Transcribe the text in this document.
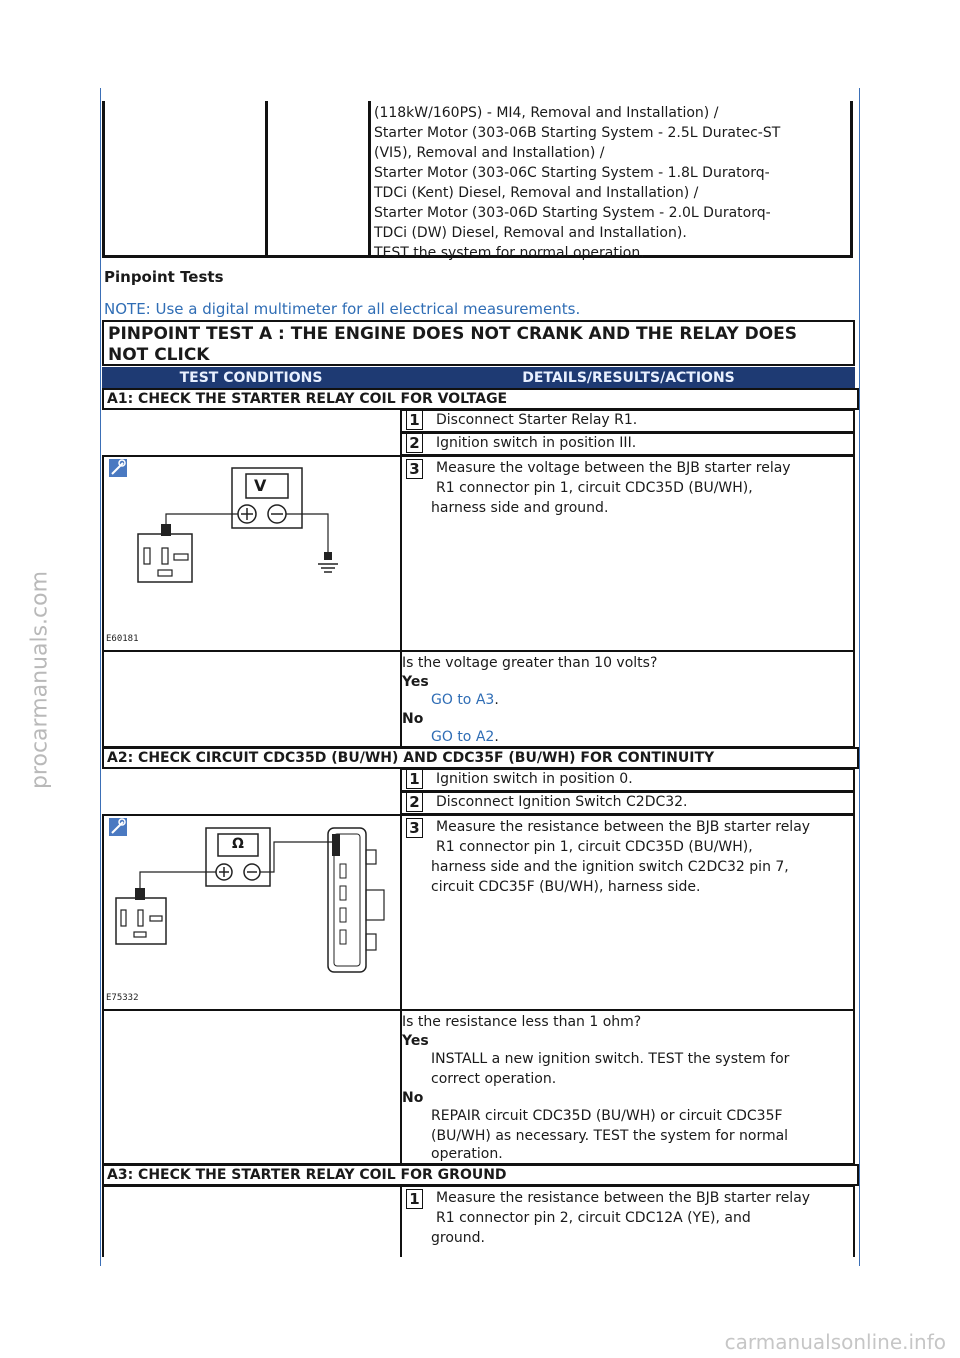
procarmanuals.com
carmanualsonline.info
(118kW/160PS) - MI4, Removal and Installation) /
Starter Motor (303-06B Starting System - 2.5L Duratec-ST
(VI5), Removal and Installation) /
Starter Motor (303-06C Starting System - 1.8L Duratorq-
TDCi (Kent) Diesel, Removal and Installation) /
Starter Motor (303-06D Starting System - 2.0L Duratorq-
TDCi (DW) Diesel, Removal and Installation).
TEST the system for normal operation.
Pinpoint Tests
NOTE: Use a digital multimeter for all electrical measurements.
PINPOINT TEST A : THE ENGINE DOES NOT CRANK AND THE RELAY DOES
NOT CLICK
TEST CONDITIONS	DETAILS/RESULTS/ACTIONS
A1: CHECK THE STARTER RELAY COIL FOR VOLTAGE
1 Disconnect Starter Relay R1.
2 Ignition switch in position III.
V
E60181
3 Measure the voltage between the BJB starter relay
R1 connector pin 1, circuit CDC35D (BU/WH),
harness side and ground.
Is the voltage greater than 10 volts?
Yes
GO to A3.
No
GO to A2.
A2: CHECK CIRCUIT CDC35D (BU/WH) AND CDC35F (BU/WH) FOR CONTINUITY
1 Ignition switch in position 0.
2 Disconnect Ignition Switch C2DC32.
Ω
E75332
3 Measure the resistance between the BJB starter relay
R1 connector pin 1, circuit CDC35D (BU/WH),
harness side and the ignition switch C2DC32 pin 7,
circuit CDC35F (BU/WH), harness side.
Is the resistance less than 1 ohm?
Yes
INSTALL a new ignition switch. TEST the system for
correct operation.
No
REPAIR circuit CDC35D (BU/WH) or circuit CDC35F
(BU/WH) as necessary. TEST the system for normal
operation.
A3: CHECK THE STARTER RELAY COIL FOR GROUND
1 Measure the resistance between the BJB starter relay
R1 connector pin 2, circuit CDC12A (YE), and
ground.
